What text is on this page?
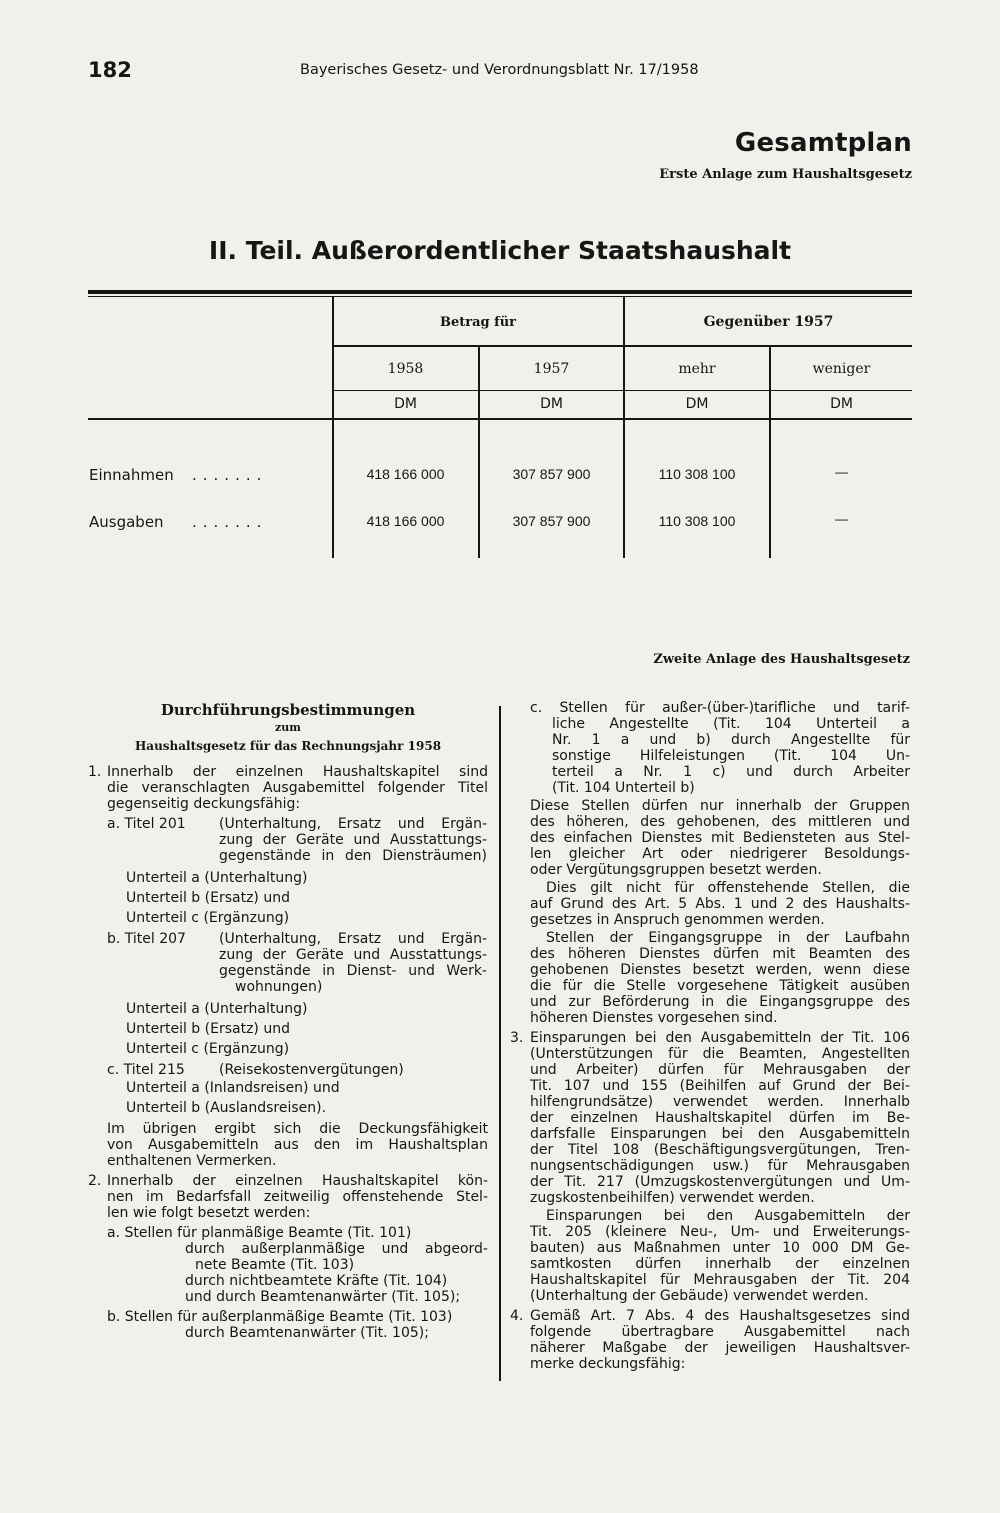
182	Bayerisches Gesetz- und Verordnungsblatt Nr. 17/1958
Gesamtplan
Erste Anlage zum Haushaltsgesetz
II. Teil. Außerordentlicher Staatshaushalt
Betrag für	Gegenüber 1957
1958	1957	mehr	weniger
DM	DM	DM	DM
Einnahmen .......	418 166 000	307 857 900	110 308 100	—
Ausgaben .......	418 166 000	307 857 900	110 308 100	—
Zweite Anlage des Haushaltsgesetz
Durchführungsbestimmungen
zum
Haushaltsgesetz für das Rechnungsjahr 1958
1. Innerhalb der einzelnen Haushaltskapitel sind
die veranschlagten Ausgabemittel folgender Titel
gegenseitig deckungsfähig:
a. Titel 201	(Unterhaltung, Ersatz und Ergän-
zung der Geräte und Ausstattungs-
gegenstände in den Diensträumen)
Unterteil a (Unterhaltung)
Unterteil b (Ersatz) und
Unterteil c (Ergänzung)
b. Titel 207	(Unterhaltung, Ersatz und Ergän-
zung der Geräte und Ausstattungs-
gegenstände in Dienst- und Werk-
wohnungen)
Unterteil a (Unterhaltung)
Unterteil b (Ersatz) und
Unterteil c (Ergänzung)
c. Titel 215	(Reisekostenvergütungen)
Unterteil a (Inlandsreisen) und
Unterteil b (Auslandsreisen).
Im übrigen ergibt sich die Deckungsfähigkeit
von Ausgabemitteln aus den im Haushaltsplan
enthaltenen Vermerken.
2. Innerhalb der einzelnen Haushaltskapitel kön-
nen im Bedarfsfall zeitweilig offenstehende Stel-
len wie folgt besetzt werden:
a. Stellen für planmäßige Beamte (Tit. 101)
durch außerplanmäßige und abgeord-
nete Beamte (Tit. 103)
durch nichtbeamtete Kräfte (Tit. 104)
und durch Beamtenanwärter (Tit. 105);
b. Stellen für außerplanmäßige Beamte (Tit. 103)
durch Beamtenanwärter (Tit. 105);
c. Stellen für außer-(über-)tarifliche und tarif-
liche Angestellte (Tit. 104 Unterteil a
Nr. 1 a und b) durch Angestellte für
sonstige Hilfeleistungen (Tit. 104 Un-
terteil a Nr. 1 c) und durch Arbeiter
(Tit. 104 Unterteil b)
Diese Stellen dürfen nur innerhalb der Gruppen
des höheren, des gehobenen, des mittleren und
des einfachen Dienstes mit Bediensteten aus Stel-
len gleicher Art oder niedrigerer Besoldungs-
oder Vergütungsgruppen besetzt werden.
Dies gilt nicht für offenstehende Stellen, die
auf Grund des Art. 5 Abs. 1 und 2 des Haushalts-
gesetzes in Anspruch genommen werden.
Stellen der Eingangsgruppe in der Laufbahn
des höheren Dienstes dürfen mit Beamten des
gehobenen Dienstes besetzt werden, wenn diese
die für die Stelle vorgesehene Tätigkeit ausüben
und zur Beförderung in die Eingangsgruppe des
höheren Dienstes vorgesehen sind.
3. Einsparungen bei den Ausgabemitteln der Tit. 106
(Unterstützungen für die Beamten, Angestellten
und Arbeiter) dürfen für Mehrausgaben der
Tit. 107 und 155 (Beihilfen auf Grund der Bei-
hilfengrundsätze) verwendet werden. Innerhalb
der einzelnen Haushaltskapitel dürfen im Be-
darfsfalle Einsparungen bei den Ausgabemitteln
der Titel 108 (Beschäftigungsvergütungen, Tren-
nungsentschädigungen usw.) für Mehrausgaben
der Tit. 217 (Umzugskostenvergütungen und Um-
zugskostenbeihilfen) verwendet werden.
Einsparungen bei den Ausgabemitteln der
Tit. 205 (kleinere Neu-, Um- und Erweiterungs-
bauten) aus Maßnahmen unter 10 000 DM Ge-
samtkosten dürfen innerhalb der einzelnen
Haushaltskapitel für Mehrausgaben der Tit. 204
(Unterhaltung der Gebäude) verwendet werden.
4. Gemäß Art. 7 Abs. 4 des Haushaltsgesetzes sind
folgende übertragbare Ausgabemittel nach
näherer Maßgabe der jeweiligen Haushaltsver-
merke deckungsfähig:
